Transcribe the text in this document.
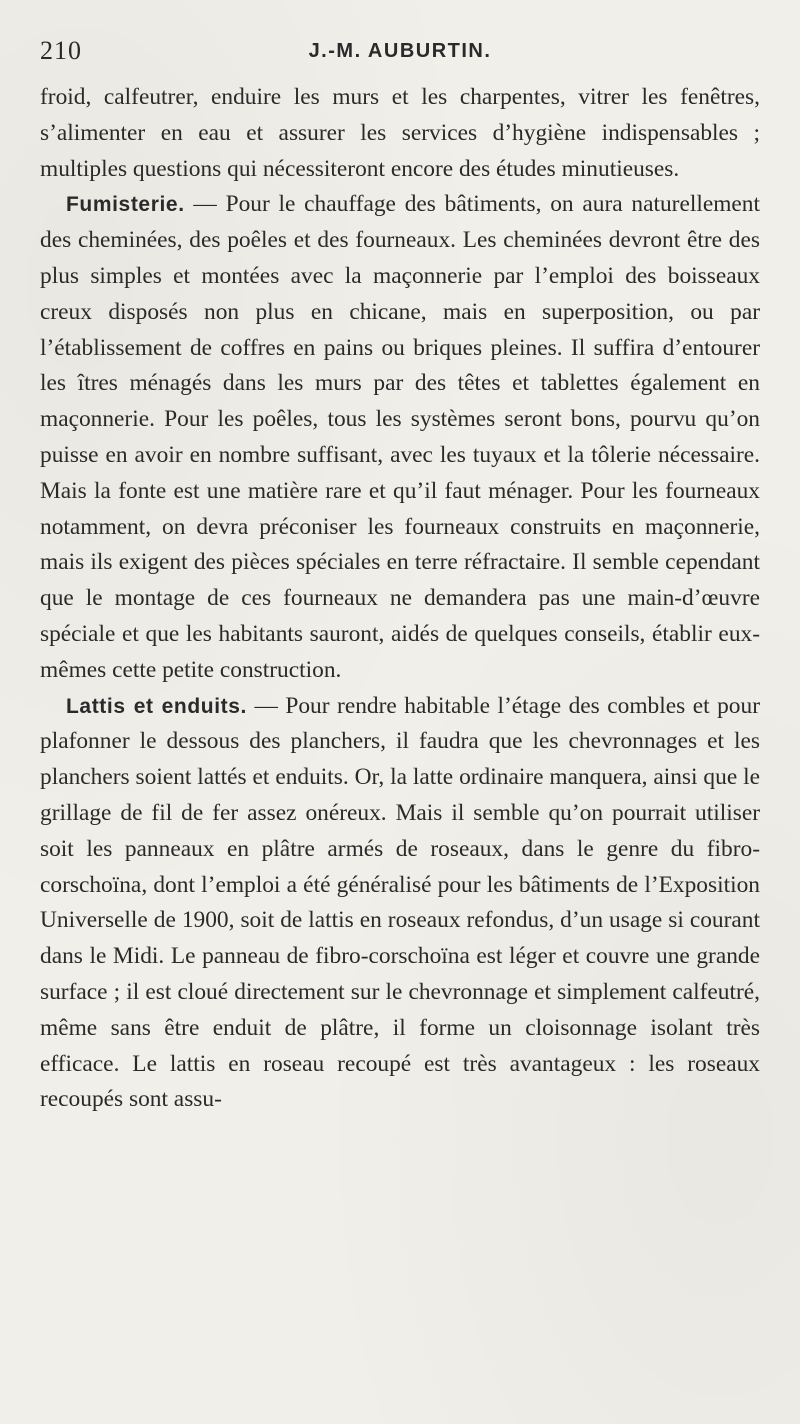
210	J.-M. AUBURTIN.

froid, calfeutrer, enduire les murs et les charpentes, vitrer les fenêtres, s’alimenter en eau et assurer les services d’hygiène indispensables ; multiples questions qui nécessiteront encore des études minutieuses.

Fumisterie. — Pour le chauffage des bâtiments, on aura naturellement des cheminées, des poêles et des fourneaux. Les cheminées devront être des plus simples et montées avec la maçonnerie par l’emploi des boisseaux creux disposés non plus en chicane, mais en superposition, ou par l’établissement de coffres en pains ou briques pleines. Il suffira d’entourer les îtres ménagés dans les murs par des têtes et tablettes également en maçonnerie. Pour les poêles, tous les systèmes seront bons, pourvu qu’on puisse en avoir en nombre suffisant, avec les tuyaux et la tôlerie nécessaire. Mais la fonte est une matière rare et qu’il faut ménager. Pour les fourneaux notamment, on devra préconiser les fourneaux construits en maçonnerie, mais ils exigent des pièces spéciales en terre réfractaire. Il semble cependant que le montage de ces fourneaux ne demandera pas une main-d’œuvre spéciale et que les habitants sauront, aidés de quelques conseils, établir eux-mêmes cette petite construction.

Lattis et enduits. — Pour rendre habitable l’étage des combles et pour plafonner le dessous des planchers, il faudra que les chevronnages et les planchers soient lattés et enduits. Or, la latte ordinaire manquera, ainsi que le grillage de fil de fer assez onéreux. Mais il semble qu’on pourrait utiliser soit les panneaux en plâtre armés de roseaux, dans le genre du fibro-corschoïna, dont l’emploi a été généralisé pour les bâtiments de l’Exposition Universelle de 1900, soit de lattis en roseaux refondus, d’un usage si courant dans le Midi. Le panneau de fibro-corschoïna est léger et couvre une grande surface ; il est cloué directement sur le chevronnage et simplement calfeutré, même sans être enduit de plâtre, il forme un cloisonnage isolant très efficace. Le lattis en roseau recoupé est très avantageux : les roseaux recoupés sont assu-
